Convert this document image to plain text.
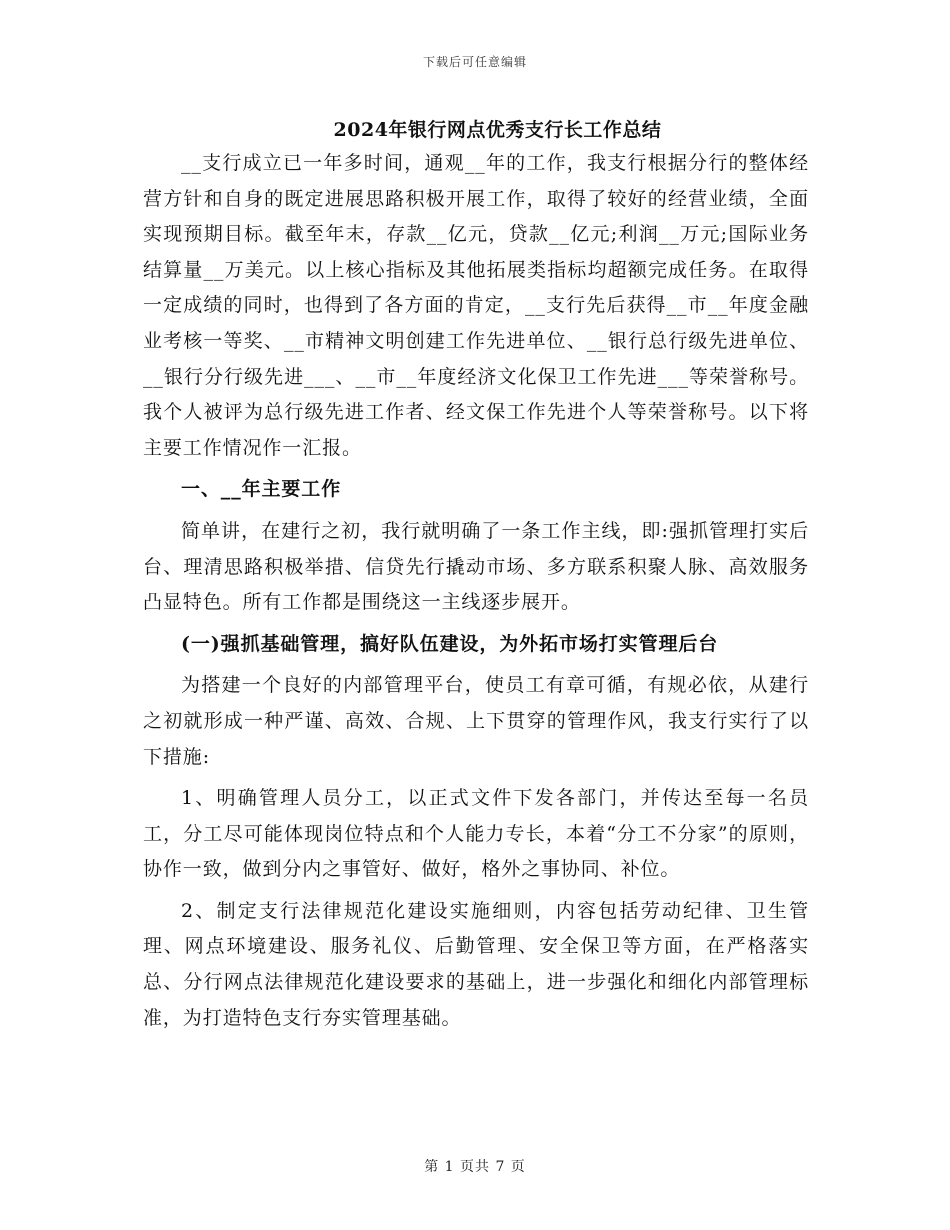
下载后可任意编辑
2024年银行网点优秀支行长工作总结

__支行成立已一年多时间，通观__年的工作，我支行根据分行的整体经营方针和自身的既定进展思路积极开展工作，取得了较好的经营业绩，全面实现预期目标。截至年末，存款__亿元，贷款__亿元;利润__万元;国际业务结算量__万美元。以上核心指标及其他拓展类指标均超额完成任务。在取得一定成绩的同时，也得到了各方面的肯定，__支行先后获得__市__年度金融业考核一等奖、__市精神文明创建工作先进单位、__银行总行级先进单位、__银行分行级先进___、__市__年度经济文化保卫工作先进___等荣誉称号。我个人被评为总行级先进工作者、经文保工作先进个人等荣誉称号。以下将主要工作情况作一汇报。

一、__年主要工作

简单讲，在建行之初，我行就明确了一条工作主线，即:强抓管理打实后台、理清思路积极举措、信贷先行撬动市场、多方联系积聚人脉、高效服务凸显特色。所有工作都是围绕这一主线逐步展开。

(一)强抓基础管理，搞好队伍建设，为外拓市场打实管理后台

为搭建一个良好的内部管理平台，使员工有章可循，有规必依，从建行之初就形成一种严谨、高效、合规、上下贯穿的管理作风，我支行实行了以下措施:

1、明确管理人员分工，以正式文件下发各部门，并传达至每一名员工，分工尽可能体现岗位特点和个人能力专长，本着“分工不分家”的原则，协作一致，做到分内之事管好、做好，格外之事协同、补位。

2、制定支行法律规范化建设实施细则，内容包括劳动纪律、卫生管理、网点环境建设、服务礼仪、后勤管理、安全保卫等方面，在严格落实总、分行网点法律规范化建设要求的基础上，进一步强化和细化内部管理标准，为打造特色支行夯实管理基础。

第 1 页共 7 页
